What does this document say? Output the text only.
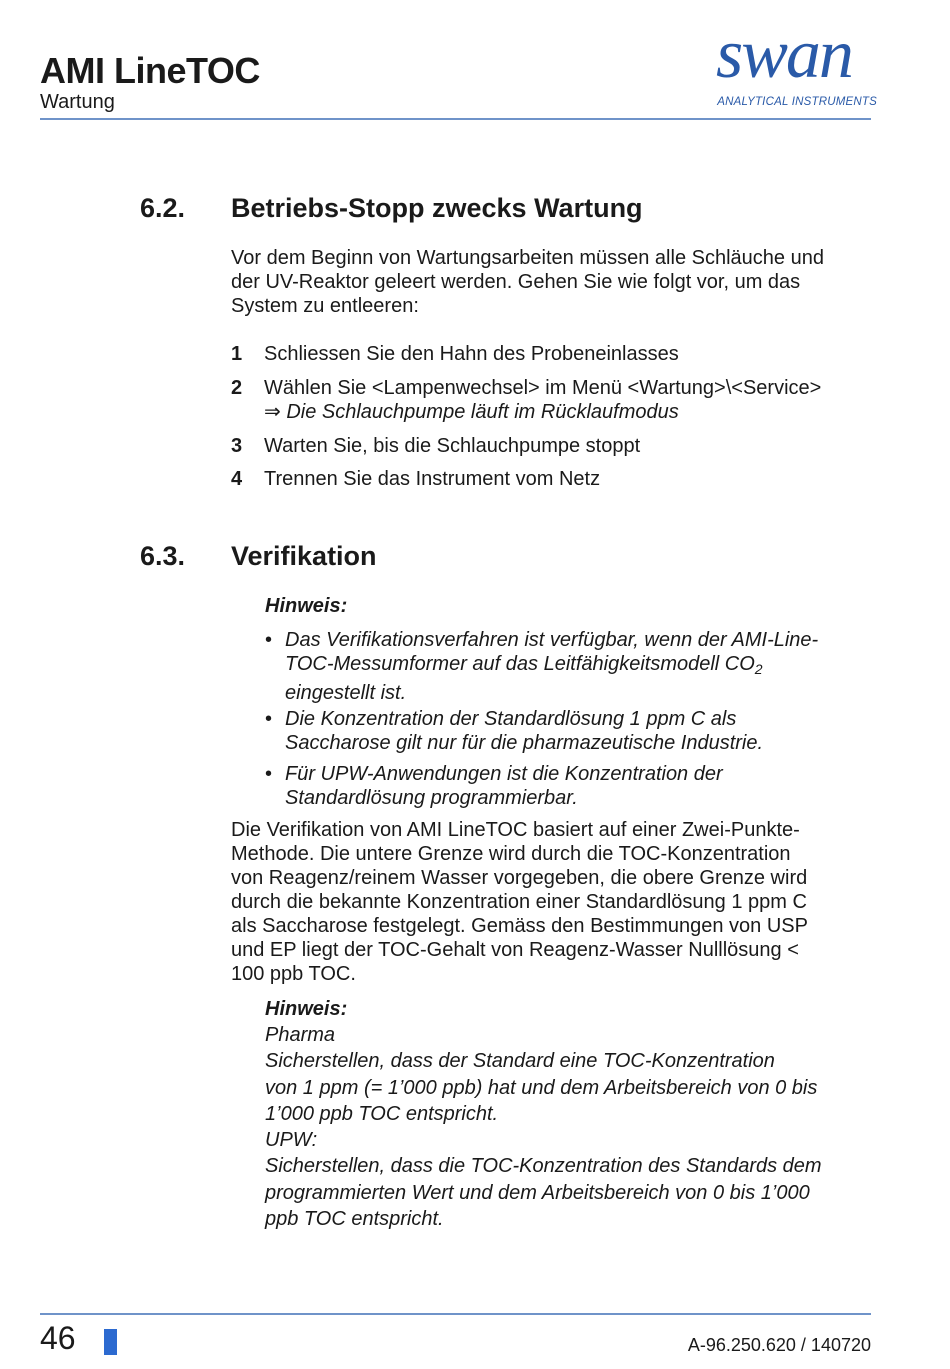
AMI LineTOC
Wartung
swan
ANALYTICAL INSTRUMENTS
6.2. Betriebs-Stopp zwecks Wartung
Vor dem Beginn von Wartungsarbeiten müssen alle Schläuche und
der UV-Reaktor geleert werden. Gehen Sie wie folgt vor, um das
System zu entleeren:
1 Schliessen Sie den Hahn des Probeneinlasses
2 Wählen Sie <Lampenwechsel> im Menü <Wartung>\<Service>
⇒ Die Schlauchpumpe läuft im Rücklaufmodus
3 Warten Sie, bis die Schlauchpumpe stoppt
4 Trennen Sie das Instrument vom Netz
6.3. Verifikation
Hinweis:
• Das Verifikationsverfahren ist verfügbar, wenn der AMI-Line-
TOC-Messumformer auf das Leitfähigkeitsmodell $CO_2$
eingestellt ist.
• Die Konzentration der Standardlösung 1 ppm C als
Saccharose gilt nur für die pharmazeutische Industrie.
• Für UPW-Anwendungen ist die Konzentration der
Standardlösung programmierbar.
Die Verifikation von AMI LineTOC basiert auf einer Zwei-Punkte-
Methode. Die untere Grenze wird durch die TOC-Konzentration
von Reagenz/reinem Wasser vorgegeben, die obere Grenze wird
durch die bekannte Konzentration einer Standardlösung 1 ppm C
als Saccharose festgelegt. Gemäss den Bestimmungen von USP
und EP liegt der TOC-Gehalt von Reagenz-Wasser Nulllösung <
100 ppb TOC.
Hinweis:
Pharma
Sicherstellen, dass der Standard eine TOC-Konzentration
von 1 ppm (= 1’000 ppb) hat und dem Arbeitsbereich von 0 bis
1’000 ppb TOC entspricht.
UPW:
Sicherstellen, dass die TOC-Konzentration des Standards dem
programmierten Wert und dem Arbeitsbereich von 0 bis 1’000
ppb TOC entspricht.
46	A-96.250.620 / 140720
